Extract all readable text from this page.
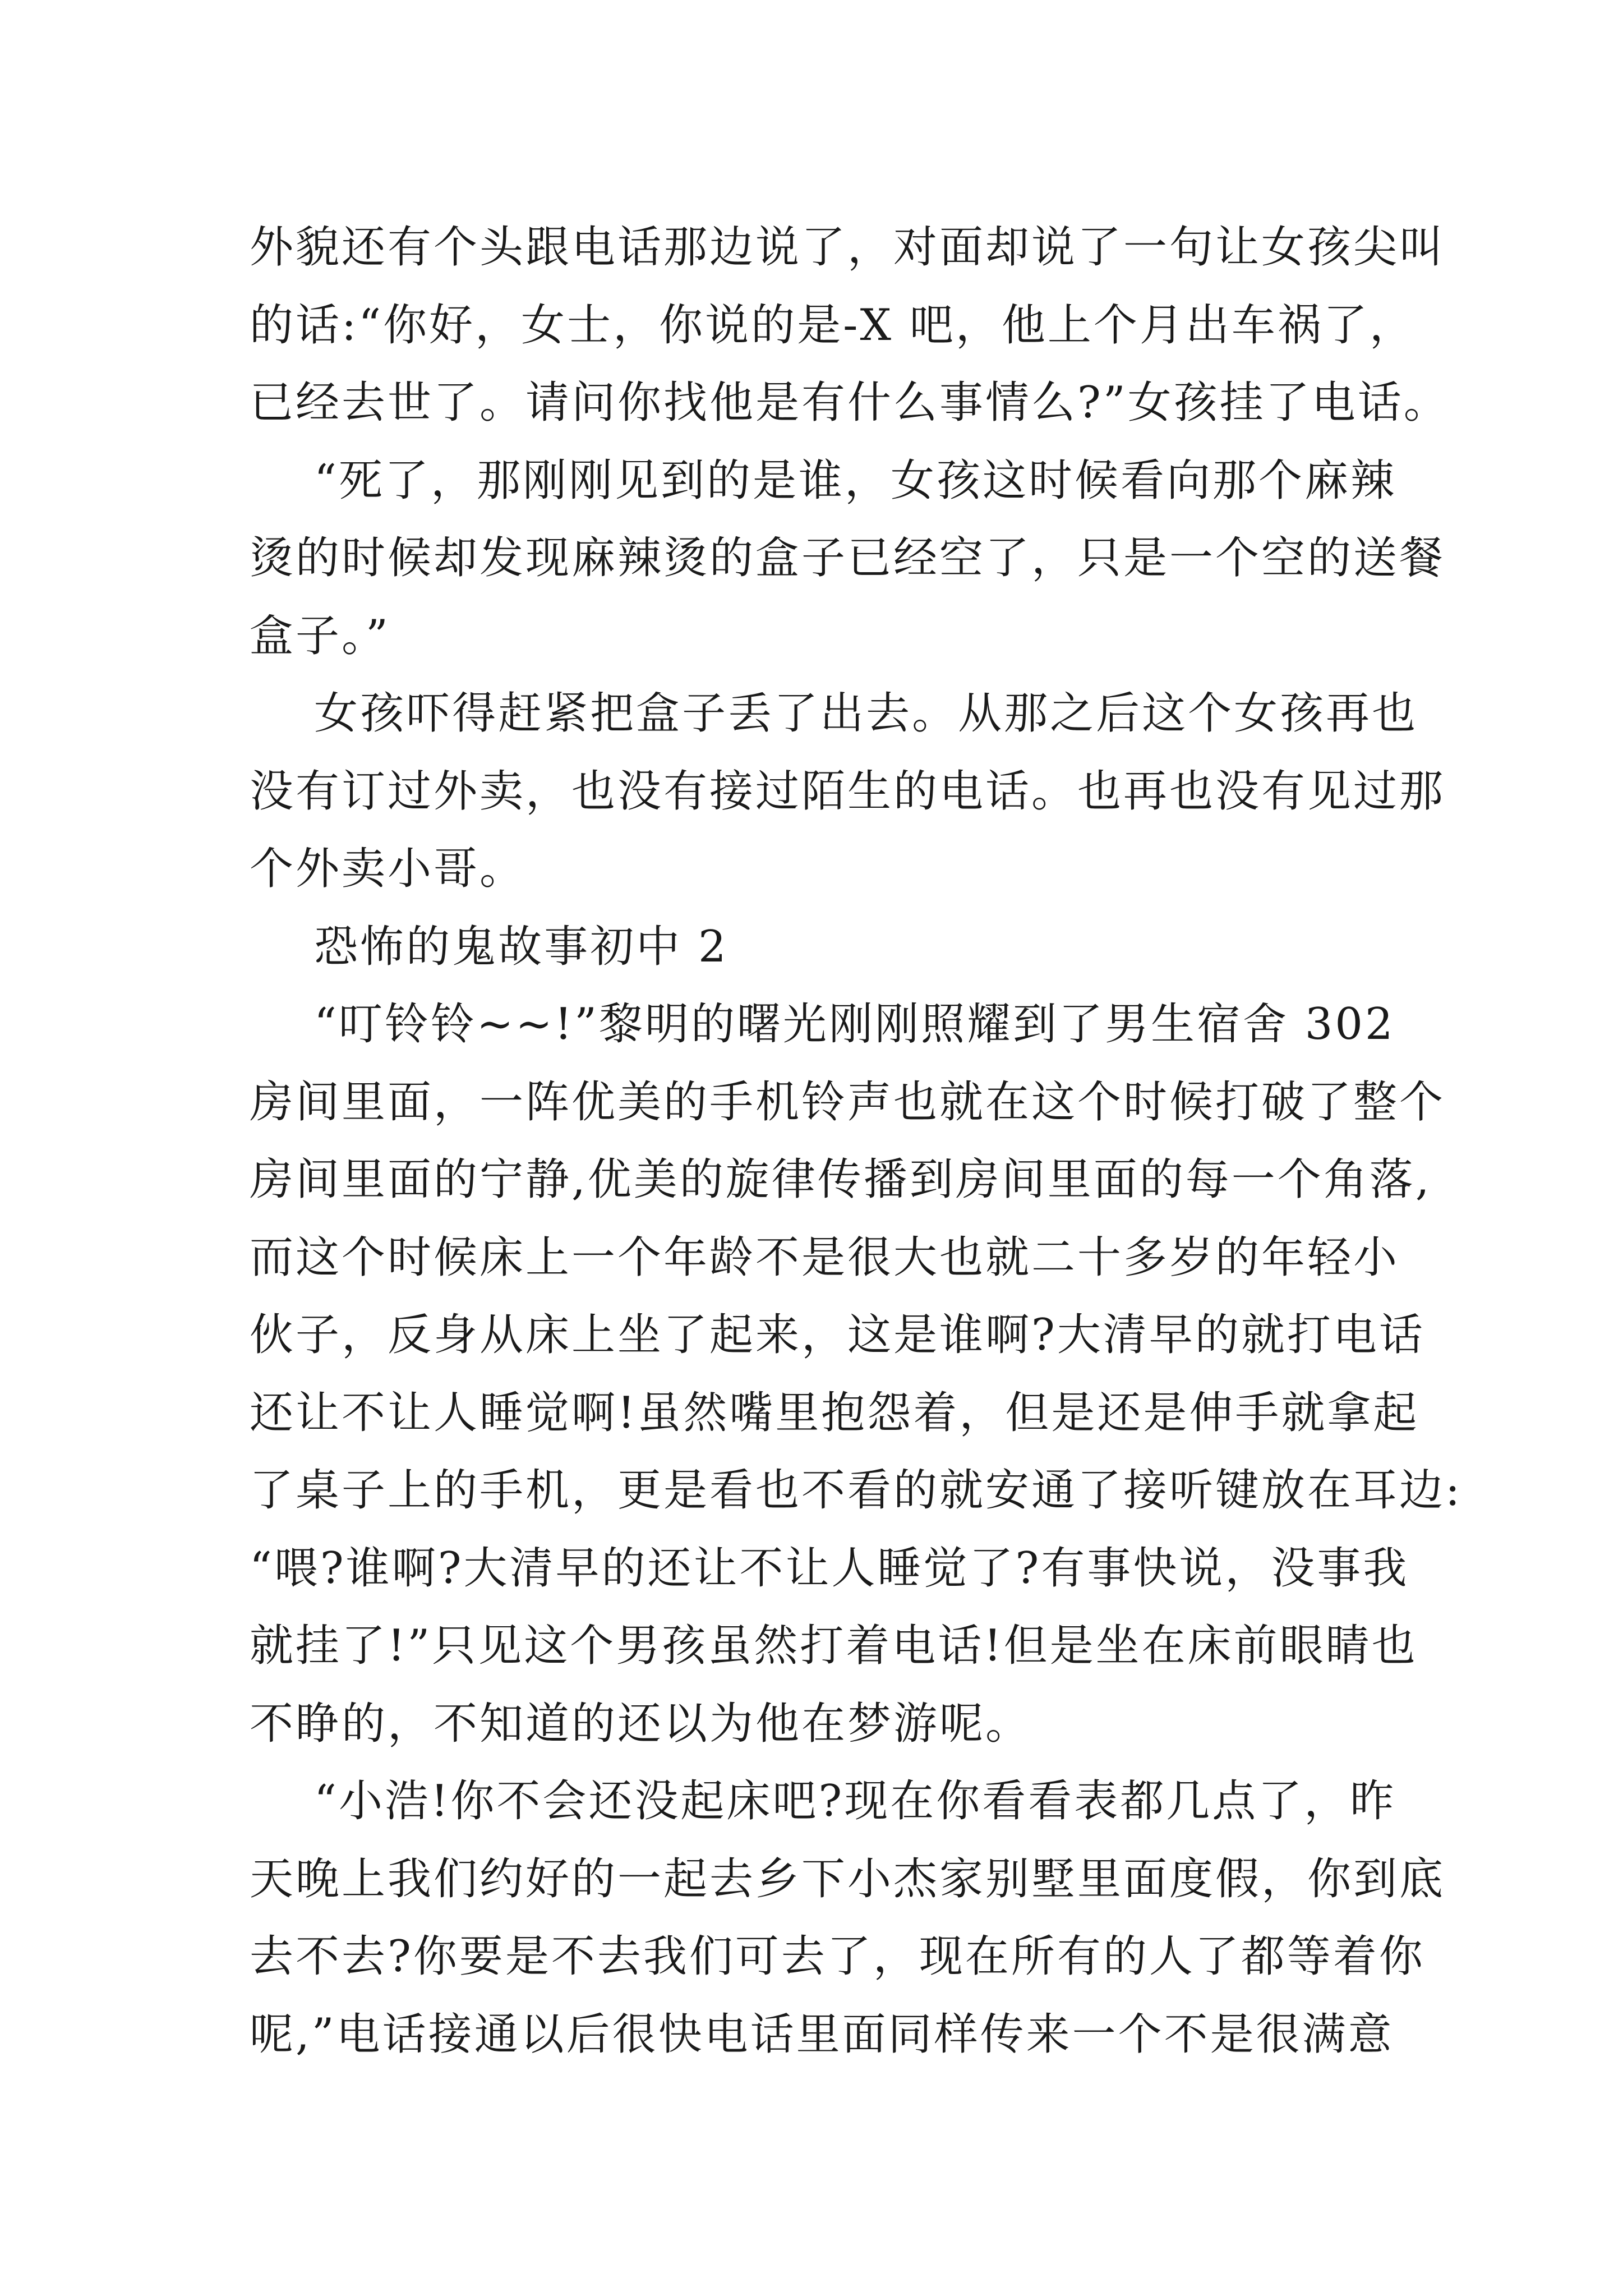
外貌还有个头跟电话那边说了，对面却说了一句让女孩尖叫

的话:“你好，女士，你说的是-X 吧，他上个月出车祸了，

已经去世了。请问你找他是有什么事情么?”女孩挂了电话。

“死了，那刚刚见到的是谁，女孩这时候看向那个麻辣

烫的时候却发现麻辣烫的盒子已经空了，只是一个空的送餐

盒子。”

女孩吓得赶紧把盒子丢了出去。从那之后这个女孩再也

没有订过外卖，也没有接过陌生的电话。也再也没有见过那

个外卖小哥。

恐怖的鬼故事初中 2

“叮铃铃~~!”黎明的曙光刚刚照耀到了男生宿舍 302

房间里面，一阵优美的手机铃声也就在这个时候打破了整个

房间里面的宁静,优美的旋律传播到房间里面的每一个角落,

而这个时候床上一个年龄不是很大也就二十多岁的年轻小

伙子，反身从床上坐了起来，这是谁啊?大清早的就打电话

还让不让人睡觉啊!虽然嘴里抱怨着，但是还是伸手就拿起

了桌子上的手机，更是看也不看的就安通了接听键放在耳边:

“喂?谁啊?大清早的还让不让人睡觉了?有事快说，没事我

就挂了!”只见这个男孩虽然打着电话!但是坐在床前眼睛也

不睁的，不知道的还以为他在梦游呢。

“小浩!你不会还没起床吧?现在你看看表都几点了，昨

天晚上我们约好的一起去乡下小杰家别墅里面度假，你到底

去不去?你要是不去我们可去了，现在所有的人了都等着你

呢,”电话接通以后很快电话里面同样传来一个不是很满意
